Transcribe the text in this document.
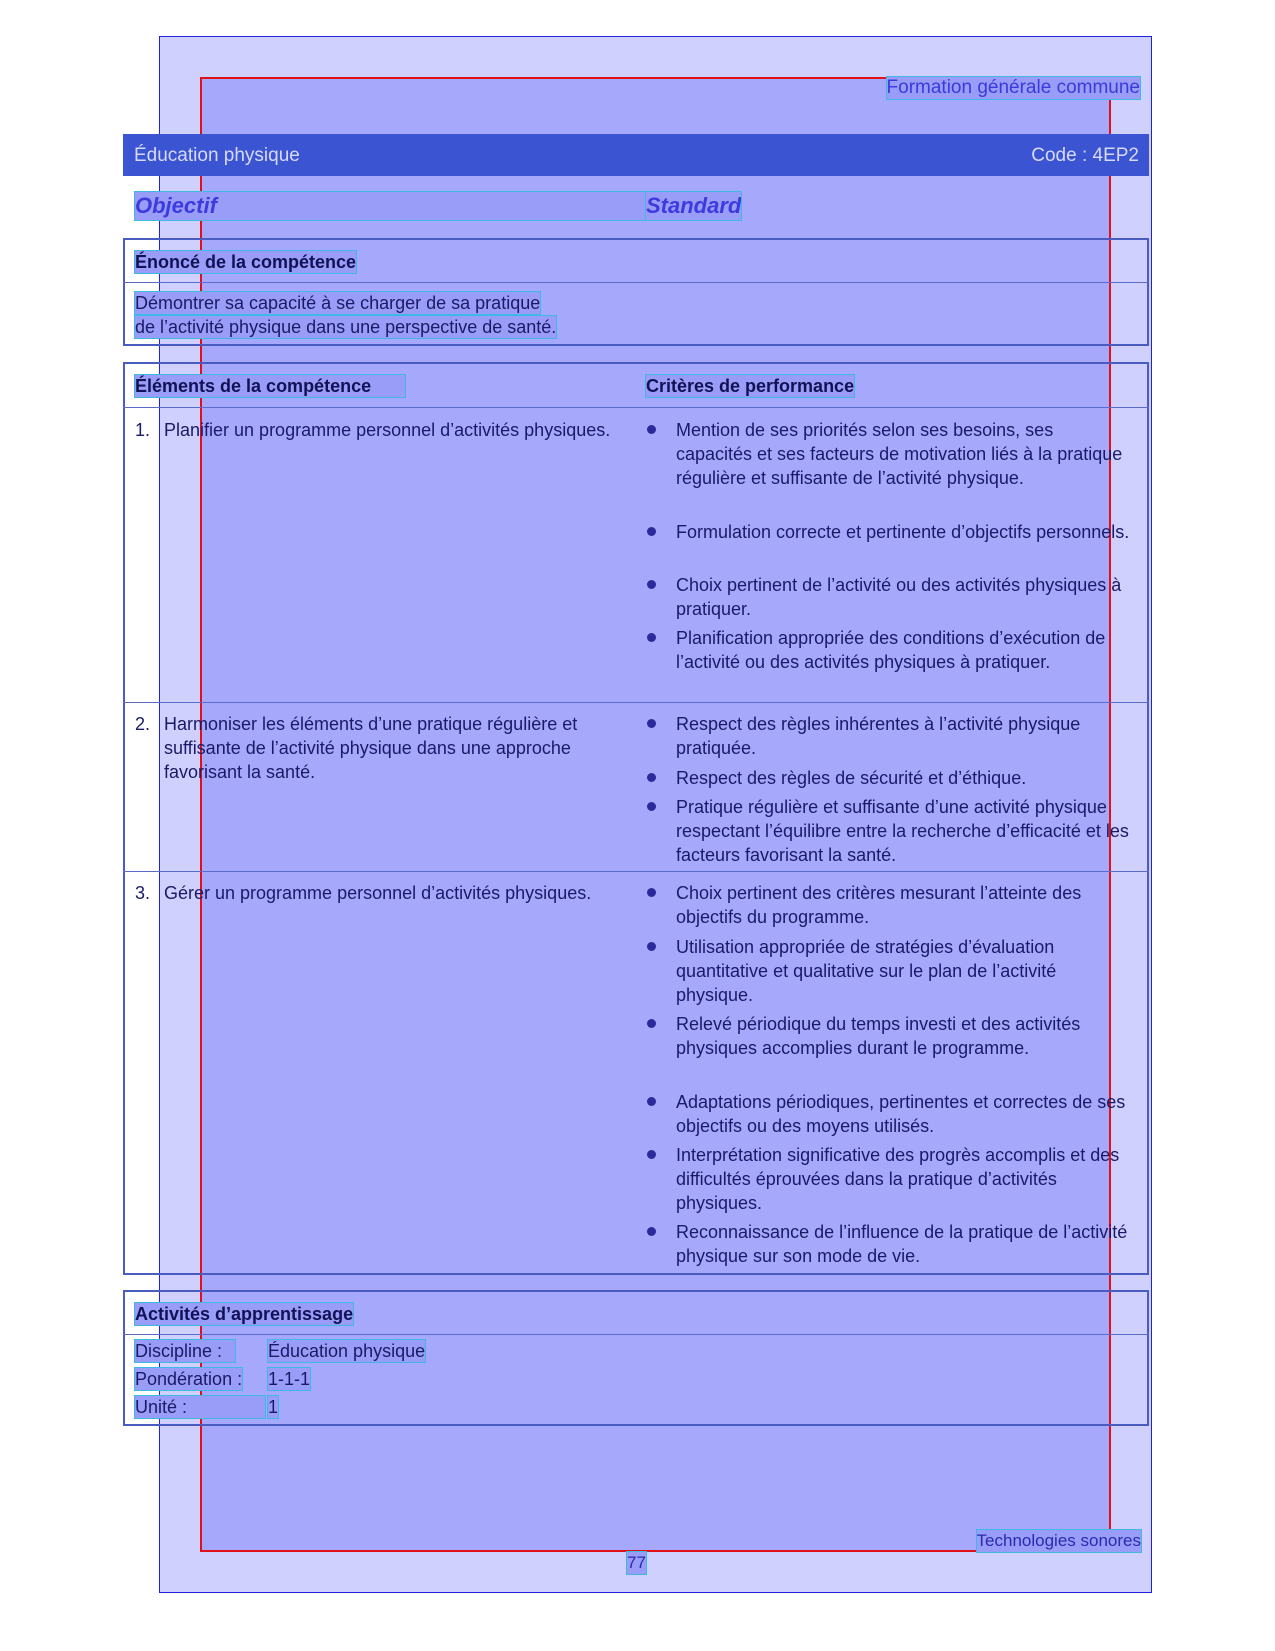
Formation générale commune
Éducation physique	Code : 4EP2
Objectif	Standard
Énoncé de la compétence
Démontrer sa capacité à se charger de sa pratique
de l’activité physique dans une perspective de santé.
Éléments de la compétence	Critères de performance
1. Planifier un programme personnel d’activités physiques.	Mention de ses priorités selon ses besoins, ses capacités et ses facteurs de motivation liés à la pratique régulière et suffisante de l’activité physique.
Formulation correcte et pertinente d’objectifs personnels.
Choix pertinent de l’activité ou des activités physiques à pratiquer.
Planification appropriée des conditions d’exécution de l’activité ou des activités physiques à pratiquer.
2. Harmoniser les éléments d’une pratique régulière et suffisante de l’activité physique dans une approche favorisant la santé.
Respect des règles inhérentes à l’activité physique pratiquée.
Respect des règles de sécurité et d’éthique.
Pratique régulière et suffisante d’une activité physique respectant l’équilibre entre la recherche d’efficacité et les facteurs favorisant la santé.
3. Gérer un programme personnel d’activités physiques.	Choix pertinent des critères mesurant l’atteinte des objectifs du programme.
Utilisation appropriée de stratégies d’évaluation quantitative et qualitative sur le plan de l’activité physique.
Relevé périodique du temps investi et des activités physiques accomplies durant le programme.
Adaptations périodiques, pertinentes et correctes de ses objectifs ou des moyens utilisés.
Interprétation significative des progrès accomplis et des difficultés éprouvées dans la pratique d’activités physiques.
Reconnaissance de l’influence de la pratique de l’activité physique sur son mode de vie.
Activités d’apprentissage
Discipline :	Éducation physique
Pondération : 1-1-1
Unité :	1
Technologies sonores
77
